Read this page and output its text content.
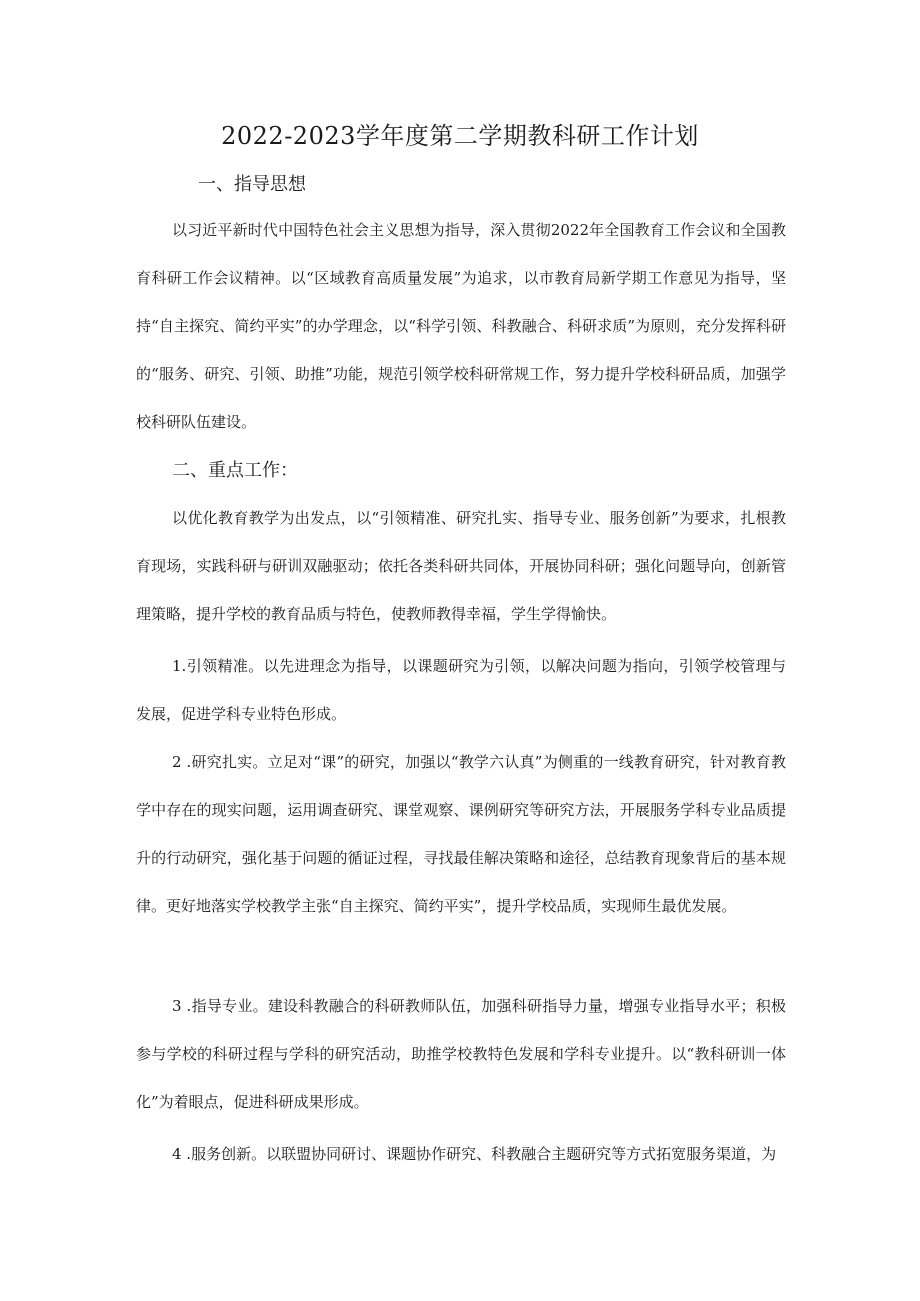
2022-2023学年度第二学期教科研工作计划
一、指导思想

以习近平新时代中国特色社会主义思想为指导，深入贯彻2022年全国教育工作会议和全国教育科研工作会议精神。以“区域教育高质量发展”为追求，以市教育局新学期工作意见为指导，坚持“自主探究、简约平实”的办学理念，以“科学引领、科教融合、科研求质”为原则，充分发挥科研的“服务、研究、引领、助推”功能，规范引领学校科研常规工作，努力提升学校科研品质，加强学校科研队伍建设。

二、重点工作：

以优化教育教学为出发点，以“引领精准、研究扎实、指导专业、服务创新”为要求，扎根教育现场，实践科研与研训双融驱动；依托各类科研共同体，开展协同科研；强化问题导向，创新管理策略，提升学校的教育品质与特色，使教师教得幸福，学生学得愉快。

1.引领精准。以先进理念为指导，以课题研究为引领，以解决问题为指向，引领学校管理与发展，促进学科专业特色形成。

2 .研究扎实。立足对“课”的研究，加强以“教学六认真”为侧重的一线教育研究，针对教育教学中存在的现实问题，运用调查研究、课堂观察、课例研究等研究方法，开展服务学科专业品质提升的行动研究，强化基于问题的循证过程，寻找最佳解决策略和途径，总结教育现象背后的基本规律。更好地落实学校教学主张“自主探究、简约平实”，提升学校品质，实现师生最优发展。

3 .指导专业。建设科教融合的科研教师队伍，加强科研指导力量，增强专业指导水平；积极参与学校的科研过程与学科的研究活动，助推学校教特色发展和学科专业提升。以“教科研训一体化”为着眼点，促进科研成果形成。

4 .服务创新。以联盟协同研讨、课题协作研究、科教融合主题研究等方式拓宽服务渠道，为
